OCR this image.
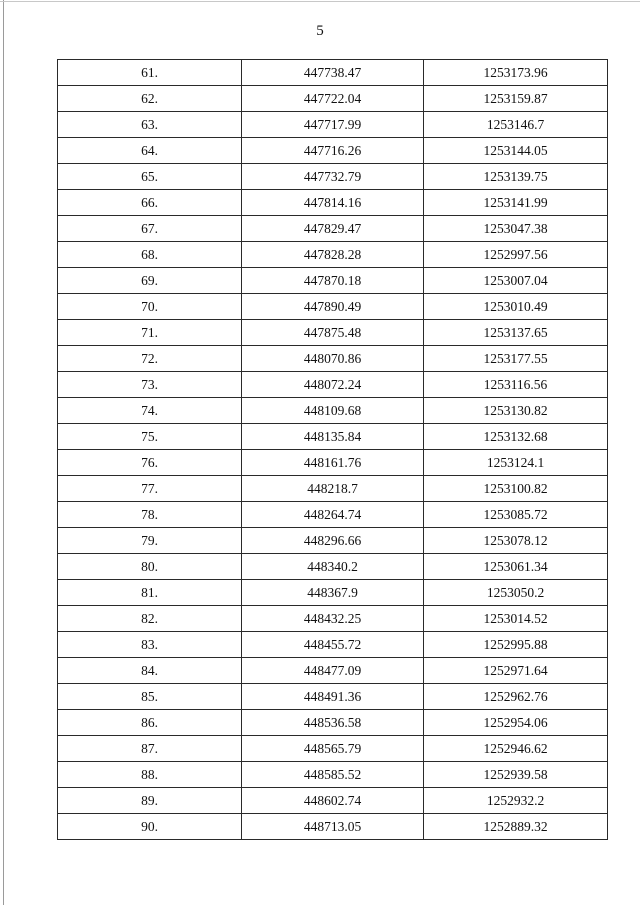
5
61.	447738.47	1253173.96
62.	447722.04	1253159.87
63.	447717.99	1253146.7
64.	447716.26	1253144.05
65.	447732.79	1253139.75
66.	447814.16	1253141.99
67.	447829.47	1253047.38
68.	447828.28	1252997.56
69.	447870.18	1253007.04
70.	447890.49	1253010.49
71.	447875.48	1253137.65
72.	448070.86	1253177.55
73.	448072.24	1253116.56
74.	448109.68	1253130.82
75.	448135.84	1253132.68
76.	448161.76	1253124.1
77.	448218.7	1253100.82
78.	448264.74	1253085.72
79.	448296.66	1253078.12
80.	448340.2	1253061.34
81.	448367.9	1253050.2
82.	448432.25	1253014.52
83.	448455.72	1252995.88
84.	448477.09	1252971.64
85.	448491.36	1252962.76
86.	448536.58	1252954.06
87.	448565.79	1252946.62
88.	448585.52	1252939.58
89.	448602.74	1252932.2
90.	448713.05	1252889.32
